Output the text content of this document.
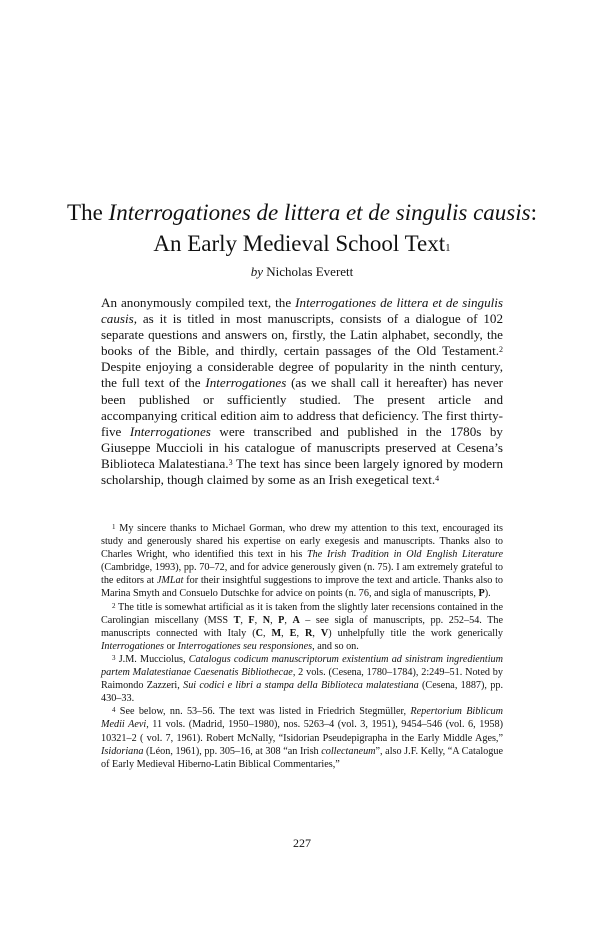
The Interrogationes de littera et de singulis causis: An Early Medieval School Text$^1$
by Nicholas Everett

An anonymously compiled text, the Interrogationes de littera et de singulis causis, as it is titled in most manuscripts, consists of a dialogue of 102 separate questions and answers on, firstly, the Latin alphabet, secondly, the books of the Bible, and thirdly, certain passages of the Old Testament.$^2$ Despite enjoying a considerable degree of popularity in the ninth century, the full text of the Interrogationes (as we shall call it hereafter) has never been published or sufficiently studied. The present article and accompanying critical edition aim to address that deficiency. The first thirty-five Interrogationes were transcribed and published in the 1780s by Giuseppe Muccioli in his catalogue of manuscripts preserved at Cesena’s Biblioteca Malatestiana.$^3$ The text has since been largely ignored by modern scholarship, though claimed by some as an Irish exegetical text.$^4$

$^1$ My sincere thanks to Michael Gorman, who drew my attention to this text, encouraged its study and generously shared his expertise on early exegesis and manuscripts. Thanks also to Charles Wright, who identified this text in his The Irish Tradition in Old English Literature (Cambridge, 1993), pp. 70–72, and for advice generously given (n. 75). I am extremely grateful to the editors at JMLat for their insightful suggestions to improve the text and article. Thanks also to Marina Smyth and Consuelo Dutschke for advice on points (n. 76, and sigla of manuscripts, P).

$^2$ The title is somewhat artificial as it is taken from the slightly later recensions contained in the Carolingian miscellany (MSS T, F, N, P, A – see sigla of manuscripts, pp. 252–54. The manuscripts connected with Italy (C, M, E, R, V) unhelpfully title the work generically Interrogationes or Interrogationes seu responsiones, and so on.

$^3$ J.M. Mucciolus, Catalogus codicum manuscriptorum existentium ad sinistram ingredientium partem Malatestianae Caesenatis Bibliothecae, 2 vols. (Cesena, 1780–1784), 2:249–51. Noted by Raimondo Zazzeri, Sui codici e libri a stampa della Biblioteca malatestiana (Cesena, 1887), pp. 430–33.

$^4$ See below, nn. 53–56. The text was listed in Friedrich Stegmüller, Repertorium Biblicum Medii Aevi, 11 vols. (Madrid, 1950–1980), nos. 5263–4 (vol. 3, 1951), 9454–546 (vol. 6, 1958) 10321–2 ( vol. 7, 1961). Robert McNally, “Isidorian Pseudepigrapha in the Early Middle Ages,” Isidoriana (Léon, 1961), pp. 305–16, at 308 “an Irish collectaneum”, also J.F. Kelly, “A Catalogue of Early Medieval Hiberno-Latin Biblical Commentaries,”

227
